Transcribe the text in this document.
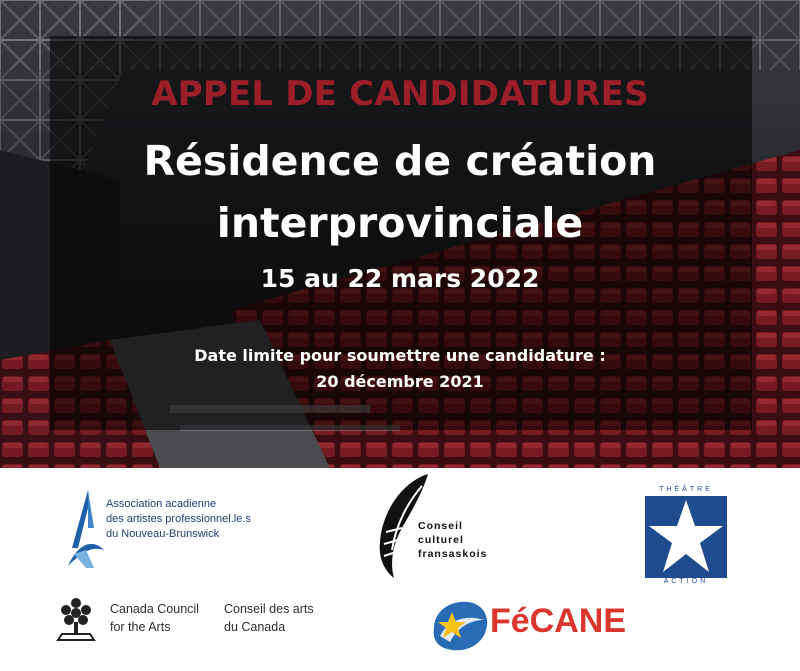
APPEL DE CANDIDATURES
Résidence de création
interprovinciale
15 au 22 mars 2022
Date limite pour soumettre une candidature :
20 décembre 2021
Association acadienne
des artistes professionnel.le.s
du Nouveau-Brunswick
Conseil
culturel
fransaskois
THÉÂTRE
ACTION
Canada Council
for the Arts
Conseil des arts
du Canada	FéCANE
